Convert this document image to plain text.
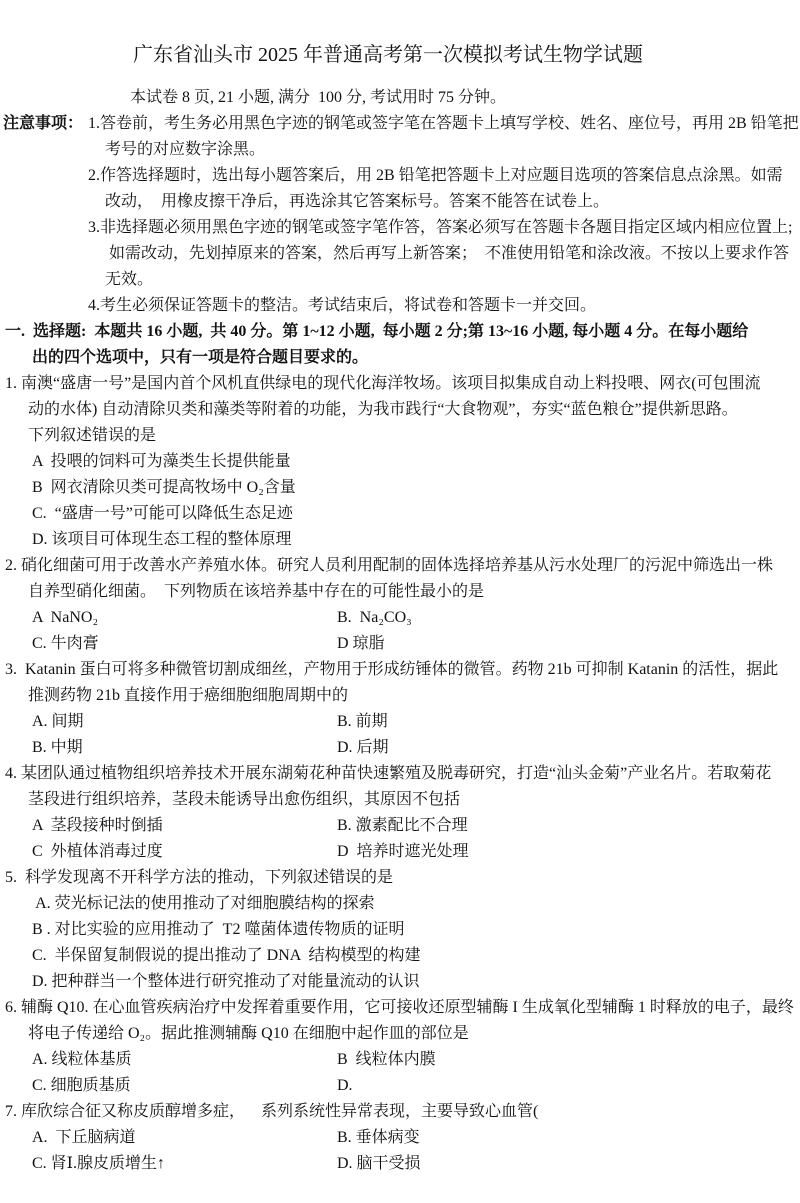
广东省汕头市 2025 年普通高考第一次模拟考试生物学试题
本试卷 8 页, 21 小题, 满分  100 分, 考试用时 75 分钟。
注意事项： 1.答卷前，考生务必用黑色字迹的钢笔或签字笔在答题卡上填写学校、姓名、座位号，再用 2B 铅笔把
考号的对应数字涂黑。
2.作答选择题时，选出每小题答案后，用 2B 铅笔把答题卡上对应题目选项的答案信息点涂黑。如需
改动，  用橡皮擦干净后，再选涂其它答案标号。答案不能答在试卷上。
3.非选择题必须用黑色字迹的钢笔或签字笔作答，答案必须写在答题卡各题目指定区域内相应位置上;
如需改动，先划掉原来的答案，然后再写上新答案；  不准使用铅笔和涂改液。不按以上要求作答
无效。
4.考生必须保证答题卡的整洁。考试结束后，将试卷和答题卡一并交回。
一.  选择题:  本题共 16 小题,  共 40 分。第 1~12 小题,  每小题 2 分;第 13~16 小题, 每小题 4 分。在每小题给
出的四个选项中，只有一项是符合题目要求的。
1. 南澳“盛唐一号”是国内首个风机直供绿电的现代化海洋牧场。该项目拟集成自动上料投喂、网衣(可包围流
动的水体) 自动清除贝类和藻类等附着的功能，为我市践行“大食物观”，夯实“蓝色粮仓”提供新思路。
下列叙述错误的是
A  投喂的饲料可为藻类生长提供能量
B  网衣清除贝类可提高牧场中 O₂含量
C.  “盛唐一号”可能可以降低生态足迹
D. 该项目可体现生态工程的整体原理
2. 硝化细菌可用于改善水产养殖水体。研究人员利用配制的固体选择培养基从污水处理厂的污泥中筛选出一株
自养型硝化细菌。  下列物质在该培养基中存在的可能性最小的是
A  NaNO₂	B.  Na₂CO₃
C. 牛肉膏	D 琼脂
3.  Katanin 蛋白可将多种微管切割成细丝，产物用于形成纺锤体的微管。药物 21b 可抑制 Katanin 的活性，据此
推测药物 21b 直接作用于癌细胞细胞周期中的
A. 间期	B. 前期
B. 中期	D. 后期
4. 某团队通过植物组织培养技术开展东湖菊花种苗快速繁殖及脱毒研究，打造“汕头金菊”产业名片。若取菊花
茎段进行组织培养，茎段未能诱导出愈伤组织，其原因不包括
A  茎段接种时倒插	B. 激素配比不合理
C  外植体消毒过度	D  培养时遮光处理
5.  科学发现离不开科学方法的推动，下列叙述错误的是
A. 荧光标记法的使用推动了对细胞膜结构的探索
B . 对比实验的应用推动了  T2 噬菌体遗传物质的证明
C.  半保留复制假说的提出推动了 DNA  结构模型的构建
D. 把种群当一个整体进行研究推动了对能量流动的认识
6. 辅酶 Q10. 在心血管疾病治疗中发挥着重要作用，它可接收还原型辅酶 I 生成氧化型辅酶 1 时释放的电子，最终
将电子传递给 O₂。据此推测辅酶 Q10 在细胞中起作皿的部位是
A. 线粒体基质	B  线粒体内膜
C. 细胞质基质	D.
7. 库欣综合征又称皮质醇增多症，    系列系统性异常表现，主要导致心血管(
A.  下丘脑病道	B. 垂体病变
C. 肾Ⅰ.腺皮质增生↑	D. 脑干受损
